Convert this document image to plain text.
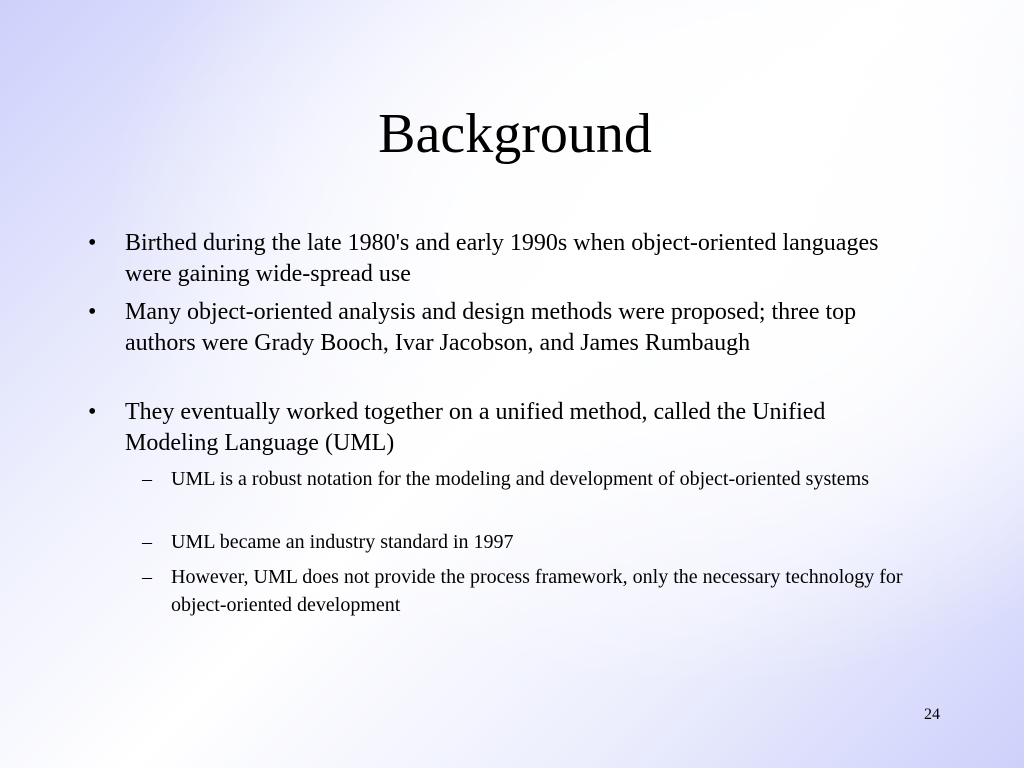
Background
• Birthed during the late 1980's and early 1990s when object-oriented languages were gaining wide-spread use
• Many object-oriented analysis and design methods were proposed; three top authors were Grady Booch, Ivar Jacobson, and James Rumbaugh
• They eventually worked together on a unified method, called the Unified Modeling Language (UML)
– UML is a robust notation for the modeling and development of object-oriented systems
– UML became an industry standard in 1997
– However, UML does not provide the process framework, only the necessary technology for object-oriented development
24
